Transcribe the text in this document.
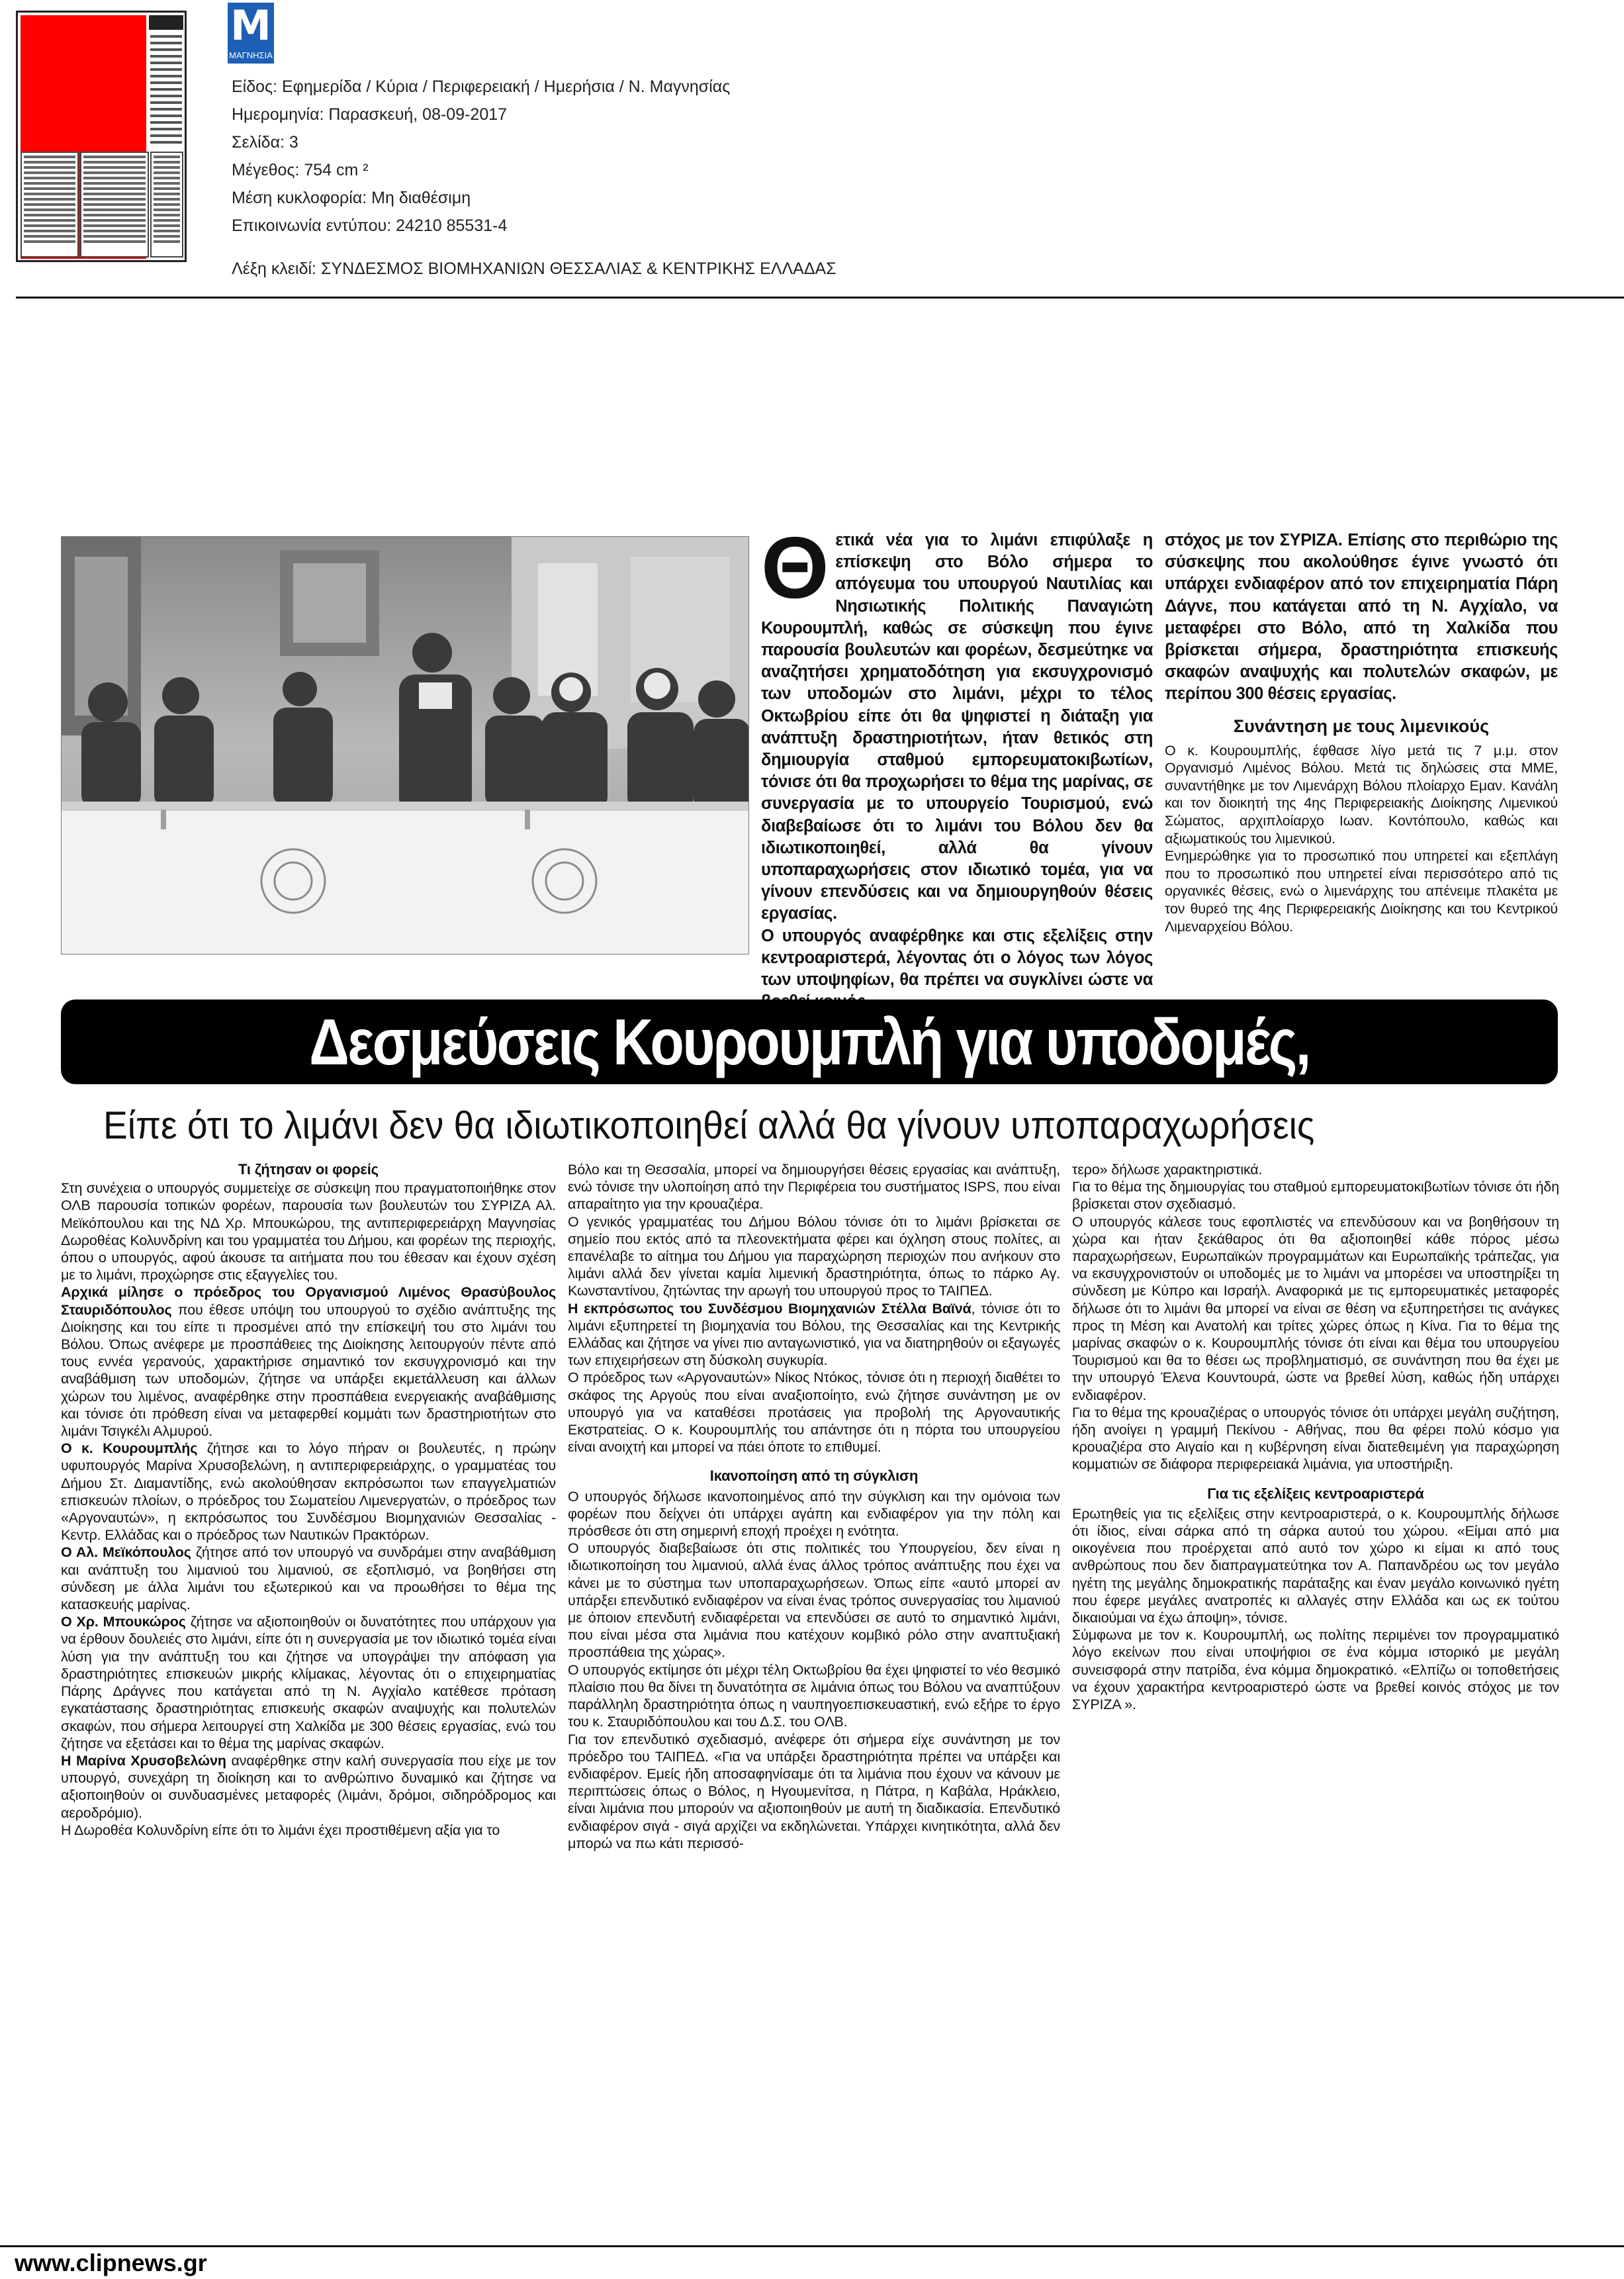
M
ΜΑΓΝΗΣΙΑ
Είδος: Εφημερίδα / Κύρια / Περιφερειακή / Ημερήσια / Ν. Μαγνησίας
Ημερομηνία: Παρασκευή, 08-09-2017
Σελίδα: 3
Μέγεθος: 754 cm ²
Μέση κυκλοφορία: Μη διαθέσιμη
Επικοινωνία εντύπου: 24210 85531-4
Λέξη κλειδί: ΣΥΝΔΕΣΜΟΣ ΒΙΟΜΗΧΑΝΙΩΝ ΘΕΣΣΑΛΙΑΣ & ΚΕΝΤΡΙΚΗΣ ΕΛΛΑΔΑΣ
Θ ετικά νέα για το λιμάνι επιφύλαξε η επίσκεψη στο Βόλο σήμερα το απόγευμα του υπουργού Ναυτιλίας και Νησιωτικής Πολιτικής Παναγιώτη Κουρουμπλή, καθώς σε σύσκεψη που έγινε παρουσία βουλευτών και φορέων, δεσμεύτηκε να αναζητήσει χρηματοδότηση για εκσυγχρονισμό των υποδομών στο λιμάνι, μέχρι το τέλος Οκτωβρίου είπε ότι θα ψηφιστεί η διάταξη για ανάπτυξη δραστηριοτήτων, ήταν θετικός στη δημιουργία σταθμού εμπορευματοκιβωτίων, τόνισε ότι θα προχωρήσει το θέμα της μαρίνας, σε συνεργασία με το υπουργείο Τουρισμού, ενώ διαβεβαίωσε ότι το λιμάνι του Βόλου δεν θα ιδιωτικοποιηθεί, αλλά θα γίνουν υποπαραχωρήσεις στον ιδιωτικό τομέα, για να γίνουν επενδύσεις και να δημιουργηθούν θέσεις εργασίας.

Ο υπουργός αναφέρθηκε και στις εξελίξεις στην κεντροαριστερά, λέγοντας ότι ο λόγος των λόγος των υποψηφίων, θα πρέπει να συγκλίνει ώστε να

στόχος με τον ΣΥΡΙΖΑ. Επίσης στο περιθώριο της σύσκεψης που ακολούθησε έγινε γνωστό ότι υπάρχει ενδιαφέρον από τον επιχειρηματία Πάρη Δάγνε, που κατάγεται από τη Ν. Αγχίαλο, να μεταφέρει στο Βόλο, από τη Χαλκίδα που βρίσκεται σήμερα, δραστηριότητα επισκευής σκαφών αναψυχής και πολυτελών σκαφών, με περίπου 300 θέσεις εργασίας.

Συνάντηση με τους λιμενικούς

Ο κ. Κουρουμπλής, έφθασε λίγο μετά τις 7 μ.μ. στον Οργανισμό Λιμένος Βόλου. Μετά τις δηλώσεις στα ΜΜΕ, συναντήθηκε με τον Λιμενάρχη Βόλου πλοίαρχο Εμαν. Κανάλη και τον διοικητή της 4ης Περιφερειακής Διοίκησης Λιμενικού Σώματος, αρχιπλοίαρχο Ιωαν. Κοντόπουλο, καθώς και αξιωματικούς του λιμενικού.

Ενημερώθηκε για το προσωπικό που υπηρετεί και εξεπλάγη που το προσωπικό που υπηρετεί είναι περισσότερο από τις οργανικές θέσεις, ενώ ο λιμενάρχης του απένειμε πλακέτα με τον θυρεό της 4ης Περιφερειακής Διοίκησης και του Κεντρικού Λιμεναρχείου Βόλου.

Δεσμεύσεις Κουρουμπλή για υποδομές,
Είπε ότι το λιμάνι δεν θα ιδιωτικοποιηθεί αλλά θα γίνουν υποπαραχωρήσεις
Τι ζήτησαν οι φορείς

Στη συνέχεια ο υπουργός συμμετείχε σε σύσκεψη που πραγματοποιήθηκε στον ΟΛΒ παρουσία τοπικών φορέων, παρουσία των βουλευτών του ΣΥΡΙΖΑ Αλ. Μεϊκόπουλου και της ΝΔ Χρ. Μπουκώρου, της αντιπεριφερειάρχη Μαγνησίας Δωροθέας Κολυνδρίνη και του γραμματέα του Δήμου, και φορέων της περιοχής, όπου ο υπουργός, αφού άκουσε τα αιτήματα που του έθεσαν και έχουν σχέση με το λιμάνι, προχώρησε στις εξαγγελίες του.

Αρχικά μίλησε ο πρόεδρος του Οργανισμού Λιμένος Θρασύβουλος Σταυριδόπουλος που έθεσε υπόψη του υπουργού το σχέδιο ανάπτυξης της Διοίκησης και του είπε τι προσμένει από την επίσκεψή του στο λιμάνι του Βόλου. Όπως ανέφερε με προσπάθειες της Διοίκησης λειτουργούν πέντε από τους εννέα γερανούς, χαρακτήρισε σημαντικό τον εκσυγχρονισμό και την αναβάθμιση των υποδομών, ζήτησε να υπάρξει εκμετάλλευση και άλλων χώρων του λιμένος, αναφέρθηκε στην προσπάθεια ενεργειακής αναβάθμισης και τόνισε ότι πρόθεση είναι να μεταφερθεί κομμάτι των δραστηριοτήτων στο λιμάνι Τσιγκέλι Αλμυρού.

Ο κ. Κουρουμπλής ζήτησε και το λόγο πήραν οι βουλευτές, η πρώην υφυπουργός Μαρίνα Χρυσοβελώνη, η αντιπεριφερειάρχης, ο γραμματέας του Δήμου Στ. Διαμαντίδης, ενώ ακολούθησαν εκπρόσωποι των επαγγελματιών επισκευών πλοίων, ο πρόεδρος του Σωματείου Λιμενεργατών, ο πρόεδρος των «Αργοναυτών», η εκπρόσωπος του Συνδέσμου Βιομηχανιών Θεσσαλίας - Κεντρ. Ελλάδας και ο πρόεδρος των Ναυτικών Πρακτόρων.

Ο Αλ. Μεϊκόπουλος ζήτησε από τον υπουργό να συνδράμει στην αναβάθμιση και ανάπτυξη του λιμανιού του λιμανιού, σε εξοπλισμό, να βοηθήσει στη σύνδεση με άλλα λιμάνι του εξωτερικού και να προωθήσει το θέμα της κατασκευής μαρίνας.

Ο Χρ. Μπουκώρος ζήτησε να αξιοποιηθούν οι δυνατότητες που υπάρχουν για να έρθουν δουλειές στο λιμάνι, είπε ότι η συνεργασία με τον ιδιωτικό τομέα είναι λύση για την ανάπτυξη του και ζήτησε να υπογράψει την απόφαση για δραστηριότητες επισκευών μικρής κλίμακας, λέγοντας ότι ο επιχειρηματίας Πάρης Δράγνες που κατάγεται από τη Ν. Αγχίαλο κατέθεσε πρόταση εγκατάστασης δραστηριότητας επισκευής σκαφών αναψυχής και πολυτελών σκαφών, που σήμερα λειτουργεί στη Χαλκίδα με 300 θέσεις εργασίας, ενώ του ζήτησε να εξετάσει και το θέμα της μαρίνας σκαφών.

Η Μαρίνα Χρυσοβελώνη αναφέρθηκε στην καλή συνεργασία που είχε με τον υπουργό, συνεχάρη τη διοίκηση και το ανθρώπινο δυναμικό και ζήτησε να αξιοποιηθούν οι συνδυασμένες μεταφορές (λιμάνι, δρόμοι, σιδηρόδρομος και αεροδρόμιο).

Η Δωροθέα Κολυνδρίνη είπε ότι το λιμάνι έχει προστιθέμενη αξία για το

Βόλο και τη Θεσσαλία, μπορεί να δημιουργήσει θέσεις εργασίας και ανάπτυξη, ενώ τόνισε την υλοποίηση από την Περιφέρεια του συστήματος ISPS, που είναι απαραίτητο για την κρουαζιέρα.

Ο γενικός γραμματέας του Δήμου Βόλου τόνισε ότι το λιμάνι βρίσκεται σε σημείο που εκτός από τα πλεονεκτήματα φέρει και όχληση στους πολίτες, αι επανέλαβε το αίτημα του Δήμου για παραχώρηση περιοχών που ανήκουν στο λιμάνι αλλά δεν γίνεται καμία λιμενική δραστηριότητα, όπως το πάρκο Αγ. Κωνσταντίνου, ζητώντας την αρωγή του υπουργού προς το ΤΑΙΠΕΔ.

Η εκπρόσωπος του Συνδέσμου Βιομηχανιών Στέλλα Βαϊνά, τόνισε ότι το λιμάνι εξυπηρετεί τη βιομηχανία του Βόλου, της Θεσσαλίας και της Κεντρικής Ελλάδας και ζήτησε να γίνει πιο ανταγωνιστικό, για να διατηρηθούν οι εξαγωγές των επιχειρήσεων στη δύσκολη συγκυρία.

Ο πρόεδρος των «Αργοναυτών» Νίκος Ντόκος, τόνισε ότι η περιοχή διαθέτει το σκάφος της Αργούς που είναι αναξιοποίητο, ενώ ζήτησε συνάντηση με ον υπουργό για να καταθέσει προτάσεις για προβολή της Αργοναυτικής Εκστρατείας. Ο κ. Κουρουμπλής του απάντησε ότι η πόρτα του υπουργείου είναι ανοιχτή και μπορεί να πάει όποτε το επιθυμεί.

Ικανοποίηση από τη σύγκλιση

Ο υπουργός δήλωσε ικανοποιημένος από την σύγκλιση και την ομόνοια των φορέων που δείχνει ότι υπάρχει αγάπη και ενδιαφέρον για την πόλη και πρόσθεσε ότι στη σημερινή εποχή προέχει η ενότητα.

Ο υπουργός διαβεβαίωσε ότι στις πολιτικές του Υπουργείου, δεν είναι η ιδιωτικοποίηση του λιμανιού, αλλά ένας άλλος τρόπος ανάπτυξης που έχει να κάνει με το σύστημα των υποπαραχωρήσεων. Όπως είπε «αυτό μπορεί αν υπάρξει επενδυτικό ενδιαφέρον να είναι ένας τρόπος συνεργασίας του λιμανιού με όποιον επενδυτή ενδιαφέρεται να επενδύσει σε αυτό το σημαντικό λιμάνι, που είναι μέσα στα λιμάνια που κατέχουν κομβικό ρόλο στην αναπτυξιακή προσπάθεια της χώρας».

Ο υπουργός εκτίμησε ότι μέχρι τέλη Οκτωβρίου θα έχει ψηφιστεί το νέο θεσμικό πλαίσιο που θα δίνει τη δυνατότητα σε λιμάνια όπως του Βόλου να αναπτύξουν παράλληλη δραστηριότητα όπως η ναυπηγοεπισκευαστική, ενώ εξήρε το έργο του κ. Σταυριδόπουλου και του Δ.Σ. του ΟΛΒ.

Για τον επενδυτικό σχεδιασμό, ανέφερε ότι σήμερα είχε συνάντηση με τον πρόεδρο του ΤΑΙΠΕΔ. «Για να υπάρξει δραστηριότητα πρέπει να υπάρξει και ενδιαφέρον. Εμείς ήδη αποσαφηνίσαμε ότι τα λιμάνια που έχουν να κάνουν με περιπτώσεις όπως ο Βόλος, η Ηγουμενίτσα, η Πάτρα, η Καβάλα, Ηράκλειο, είναι λιμάνια που μπορούν να αξιοποιηθούν με αυτή τη διαδικασία. Επενδυτικό ενδιαφέρον σιγά - σιγά αρχίζει να εκδηλώνεται. Υπάρχει κινητικότητα, αλλά δεν μπορώ να πω κάτι περισσό-

τερο» δήλωσε χαρακτηριστικά.

Για το θέμα της δημιουργίας του σταθμού εμπορευματοκιβωτίων τόνισε ότι ήδη βρίσκεται στον σχεδιασμό.

Ο υπουργός κάλεσε τους εφοπλιστές να επενδύσουν και να βοηθήσουν τη χώρα και ήταν ξεκάθαρος ότι θα αξιοποιηθεί κάθε πόρος μέσω παραχωρήσεων, Ευρωπαϊκών προγραμμάτων και Ευρωπαϊκής τράπεζας, για να εκσυγχρονιστούν οι υποδομές με το λιμάνι να μπορέσει να υποστηρίξει τη σύνδεση με Κύπρο και Ισραήλ. Αναφορικά με τις εμπορευματικές μεταφορές δήλωσε ότι το λιμάνι θα μπορεί να είναι σε θέση να εξυπηρετήσει τις ανάγκες προς τη Μέση και Ανατολή και τρίτες χώρες όπως η Κίνα. Για το θέμα της μαρίνας σκαφών ο κ. Κουρουμπλής τόνισε ότι είναι και θέμα του υπουργείου Τουρισμού και θα το θέσει ως προβληματισμό, σε συνάντηση που θα έχει με την υπουργό Έλενα Κουντουρά, ώστε να βρεθεί λύση, καθώς ήδη υπάρχει ενδιαφέρον.

Για το θέμα της κρουαζιέρας ο υπουργός τόνισε ότι υπάρχει μεγάλη συζήτηση, ήδη ανοίγει η γραμμή Πεκίνου - Αθήνας, που θα φέρει πολύ κόσμο για κρουαζιέρα στο Αιγαίο και η κυβέρνηση είναι διατεθειμένη για παραχώρηση κομματιών σε διάφορα περιφερειακά λιμάνια, για υποστήριξη.

Για τις εξελίξεις κεντροαριστερά

Ερωτηθείς για τις εξελίξεις στην κεντροαριστερά, ο κ. Κουρουμπλής δήλωσε ότι ίδιος, είναι σάρκα από τη σάρκα αυτού του χώρου. «Είμαι από μια οικογένεια που προέρχεται από αυτό τον χώρο κι είμαι κι από τους ανθρώπους που δεν διαπραγματεύτηκα τον Α. Παπανδρέου ως τον μεγάλο ηγέτη της μεγάλης δημοκρατικής παράταξης και έναν μεγάλο κοινωνικό ηγέτη που έφερε μεγάλες ανατροπές κι αλλαγές στην Ελλάδα και ως εκ τούτου δικαιούμαι να έχω άποψη», τόνισε.

Σύμφωνα με τον κ. Κουρουμπλή, ως πολίτης περιμένει τον προγραμματικό λόγο εκείνων που είναι υποψήφιοι σε ένα κόμμα ιστορικό με μεγάλη συνεισφορά στην πατρίδα, ένα κόμμα δημοκρατικό. «Ελπίζω οι τοποθετήσεις να έχουν χαρακτήρα κεντροαριστερό ώστε να βρεθεί κοινός στόχος με τον ΣΥΡΙΖΑ ».

www.clipnews.gr
